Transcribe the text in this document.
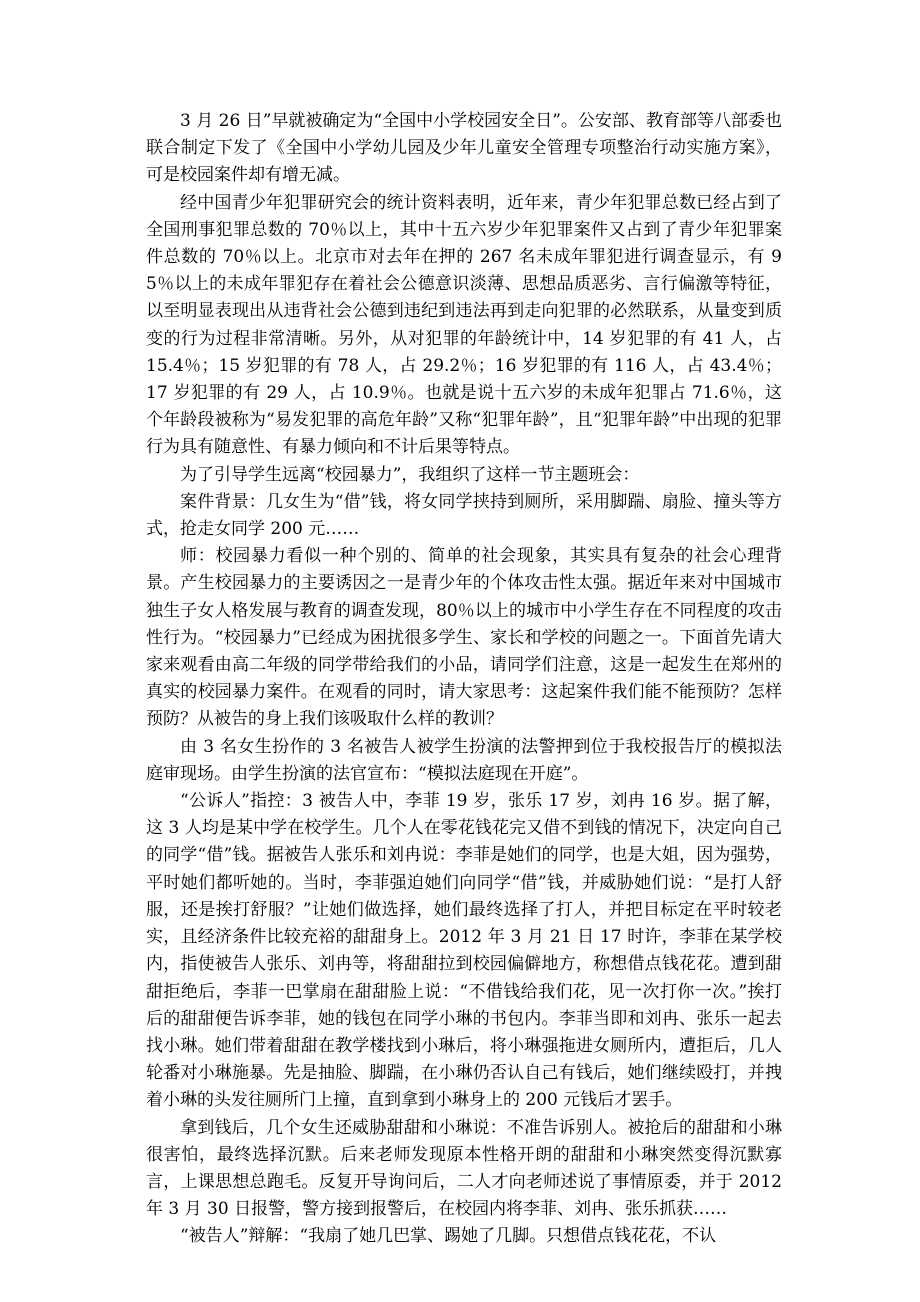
3 月 26 日”早就被确定为“全国中小学校园安全日”。公安部、教育部等八部委也联合制定下发了《全国中小学幼儿园及少年儿童安全管理专项整治行动实施方案》，可是校园案件却有增无减。

经中国青少年犯罪研究会的统计资料表明，近年来，青少年犯罪总数已经占到了全国刑事犯罪总数的 70％以上，其中十五六岁少年犯罪案件又占到了青少年犯罪案件总数的 70％以上。北京市对去年在押的 267 名未成年罪犯进行调查显示，有 95％以上的未成年罪犯存在着社会公德意识淡薄、思想品质恶劣、言行偏激等特征，以至明显表现出从违背社会公德到违纪到违法再到走向犯罪的必然联系，从量变到质变的行为过程非常清晰。另外，从对犯罪的年龄统计中，14 岁犯罪的有 41 人，占 15.4％；15 岁犯罪的有 78 人，占 29.2％；16 岁犯罪的有 116 人，占 43.4％；17 岁犯罪的有 29 人，占 10.9％。也就是说十五六岁的未成年犯罪占 71.6％，这个年龄段被称为“易发犯罪的高危年龄”又称“犯罪年龄”，且“犯罪年龄”中出现的犯罪行为具有随意性、有暴力倾向和不计后果等特点。

为了引导学生远离“校园暴力”，我组织了这样一节主题班会：

案件背景：几女生为“借”钱，将女同学挟持到厕所，采用脚踹、扇脸、撞头等方式，抢走女同学 200 元……

师：校园暴力看似一种个别的、简单的社会现象，其实具有复杂的社会心理背景。产生校园暴力的主要诱因之一是青少年的个体攻击性太强。据近年来对中国城市独生子女人格发展与教育的调查发现，80％以上的城市中小学生存在不同程度的攻击性行为。“校园暴力”已经成为困扰很多学生、家长和学校的问题之一。下面首先请大家来观看由高二年级的同学带给我们的小品，请同学们注意，这是一起发生在郑州的真实的校园暴力案件。在观看的同时，请大家思考：这起案件我们能不能预防？怎样预防？从被告的身上我们该吸取什么样的教训？

由 3 名女生扮作的 3 名被告人被学生扮演的法警押到位于我校报告厅的模拟法庭审现场。由学生扮演的法官宣布：“模拟法庭现在开庭”。

“公诉人”指控：3 被告人中，李菲 19 岁，张乐 17 岁，刘冉 16 岁。据了解，这 3 人均是某中学在校学生。几个人在零花钱花完又借不到钱的情况下，决定向自己的同学“借”钱。据被告人张乐和刘冉说：李菲是她们的同学，也是大姐，因为强势，平时她们都听她的。当时，李菲强迫她们向同学“借”钱，并威胁她们说：“是打人舒服，还是挨打舒服？”让她们做选择，她们最终选择了打人，并把目标定在平时较老实，且经济条件比较充裕的甜甜身上。2012 年 3 月 21 日 17 时许，李菲在某学校内，指使被告人张乐、刘冉等，将甜甜拉到校园偏僻地方，称想借点钱花花。遭到甜甜拒绝后，李菲一巴掌扇在甜甜脸上说：“不借钱给我们花，见一次打你一次。”挨打后的甜甜便告诉李菲，她的钱包在同学小琳的书包内。李菲当即和刘冉、张乐一起去找小琳。她们带着甜甜在教学楼找到小琳后，将小琳强拖进女厕所内，遭拒后，几人轮番对小琳施暴。先是抽脸、脚踹，在小琳仍否认自己有钱后，她们继续殴打，并拽着小琳的头发往厕所门上撞，直到拿到小琳身上的 200 元钱后才罢手。

拿到钱后，几个女生还威胁甜甜和小琳说：不准告诉别人。被抢后的甜甜和小琳很害怕，最终选择沉默。后来老师发现原本性格开朗的甜甜和小琳突然变得沉默寡言，上课思想总跑毛。反复开导询问后，二人才向老师述说了事情原委，并于 2012 年 3 月 30 日报警，警方接到报警后，在校园内将李菲、刘冉、张乐抓获……

“被告人”辩解：“我扇了她几巴掌、踢她了几脚。只想借点钱花花，不认
